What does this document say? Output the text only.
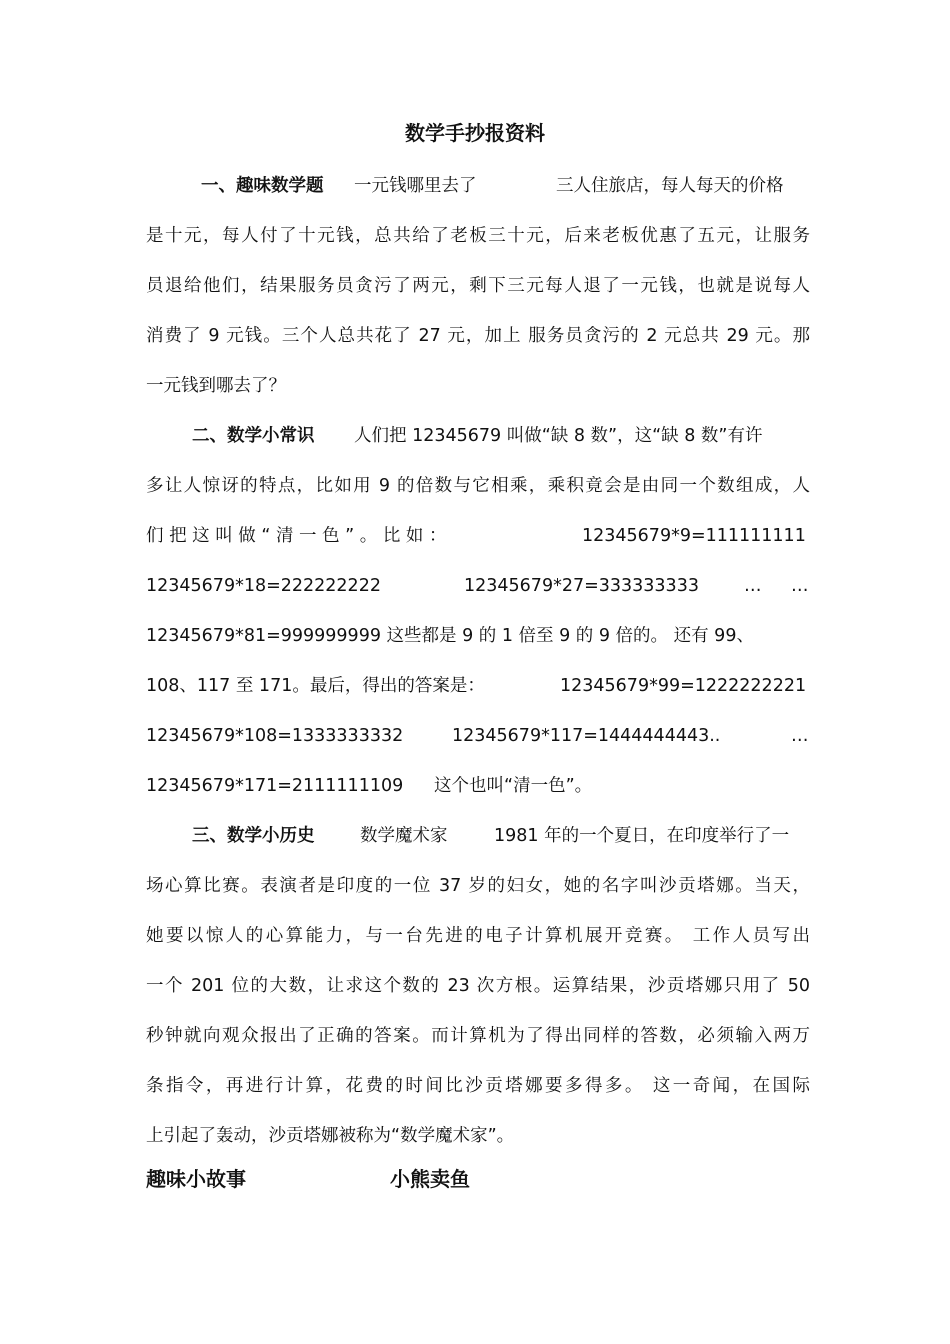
数学手抄报资料
一、趣味数学题 一元钱哪里去了	三人住旅店，每人每天的价格
是十元，每人付了十元钱，总共给了老板三十元，后来老板优惠了五元，让服务
员退给他们，结果服务员贪污了两元，剩下三元每人退了一元钱，也就是说每人
消费了 9 元钱。三个人总共花了 27 元，加上 服务员贪污的 2 元总共 29 元。那
一元钱到哪去了？
二、数学小常识 人们把 12345679 叫做“缺 8 数”，这“缺 8 数”有许
多让人惊讶的特点，比如用 9 的倍数与它相乘，乘积竟会是由同一个数组成，人
们 把 这 叫 做 “ 清 一 色 ” 。 比 如 ：	12345679*9=111111111
12345679*18=222222222	12345679*27=333333333	… …
12345679*81=999999999 这些都是 9 的 1 倍至 9 的 9 倍的。 还有 99、
108、117 至 171。最后，得出的答案是：	12345679*99=1222222221
12345679*108=1333333332	12345679*117=1444444443..	…
12345679*171=2111111109 这个也叫“清一色”。
三、数学小历史	数学魔术家	1981 年的一个夏日，在印度举行了一
场心算比赛。表演者是印度的一位 37 岁的妇女，她的名字叫沙贡塔娜。当天，
她要以惊人的心算能力，与一台先进的电子计算机展开竞赛。 工作人员写出
一个 201 位的大数，让求这个数的 23 次方根。运算结果，沙贡塔娜只用了 50
秒钟就向观众报出了正确的答案。而计算机为了得出同样的答数，必须输入两万
条指令，再进行计算，花费的时间比沙贡塔娜要多得多。 这一奇闻，在国际
上引起了轰动，沙贡塔娜被称为“数学魔术家”。
趣味小故事	小熊卖鱼
